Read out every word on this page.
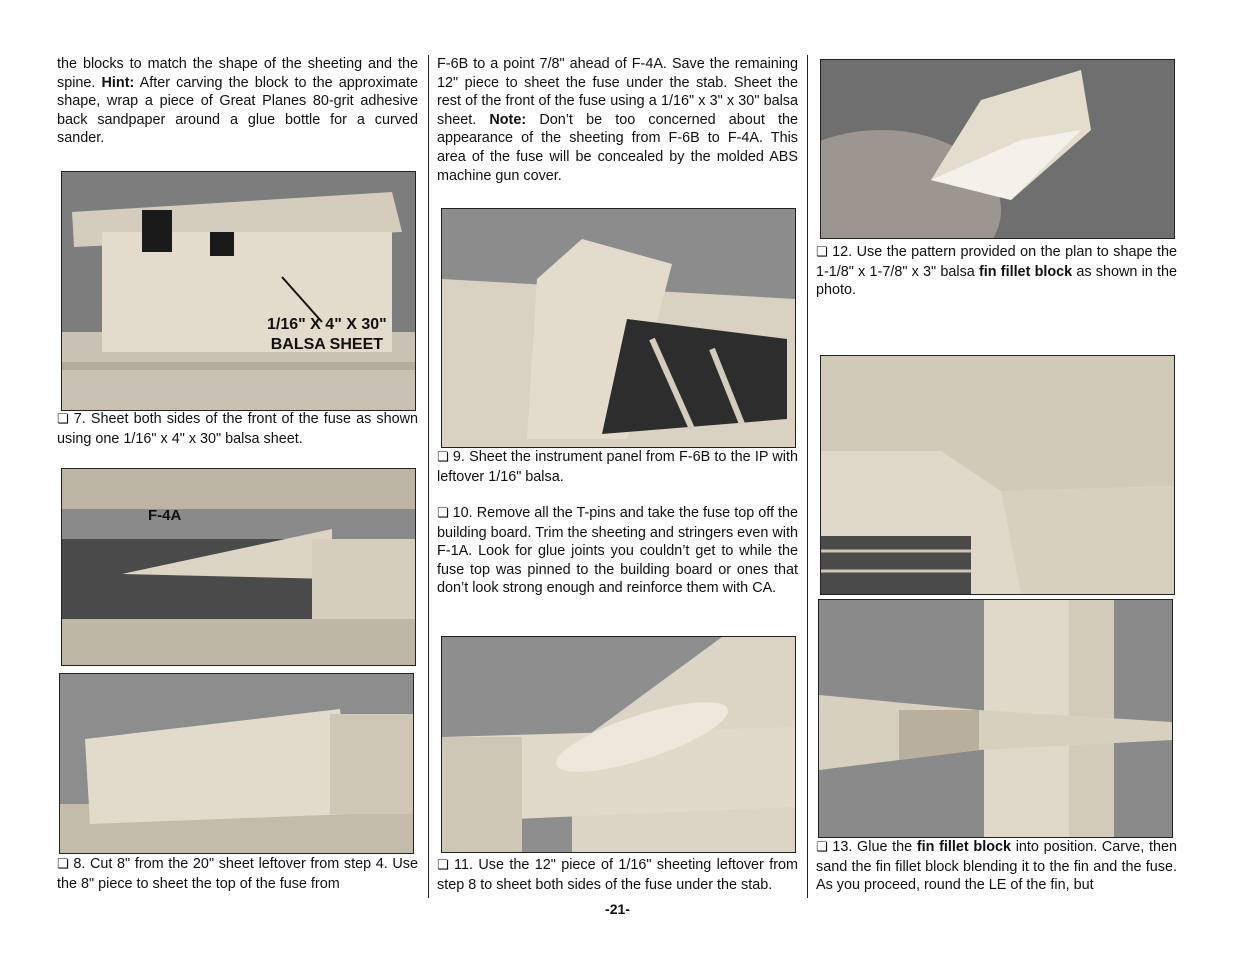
the blocks to match the shape of the sheeting and the spine. Hint: After carving the block to the approximate shape, wrap a piece of Great Planes 80-grit adhesive back sandpaper around a glue bottle for a curved sander.

1/16" X 4" X 30"
BALSA SHEET

❏ 7. Sheet both sides of the front of the fuse as shown using one 1/16" x 4" x 30" balsa sheet.

F-4A

❏ 8. Cut 8" from the 20" sheet leftover from step 4. Use the 8" piece to sheet the top of the fuse from

F-6B to a point 7/8" ahead of F-4A. Save the remaining 12" piece to sheet the fuse under the stab. Sheet the rest of the front of the fuse using a 1/16" x 3" x 30" balsa sheet. Note: Don’t be too concerned about the appearance of the sheeting from F-6B to F-4A. This area of the fuse will be concealed by the molded ABS machine gun cover.

❏ 9. Sheet the instrument panel from F-6B to the IP with leftover 1/16" balsa.

❏ 10. Remove all the T-pins and take the fuse top off the building board. Trim the sheeting and stringers even with F-1A. Look for glue joints you couldn’t get to while the fuse top was pinned to the building board or ones that don’t look strong enough and reinforce them with CA.

❏ 11. Use the 12" piece of 1/16" sheeting leftover from step 8 to sheet both sides of the fuse under the stab.

❏ 12. Use the pattern provided on the plan to shape the 1-1/8" x 1-7/8" x 3" balsa fin fillet block as shown in the photo.

❏ 13. Glue the fin fillet block into position. Carve, then sand the fin fillet block blending it to the fin and the fuse. As you proceed, round the LE of the fin, but

-21-
